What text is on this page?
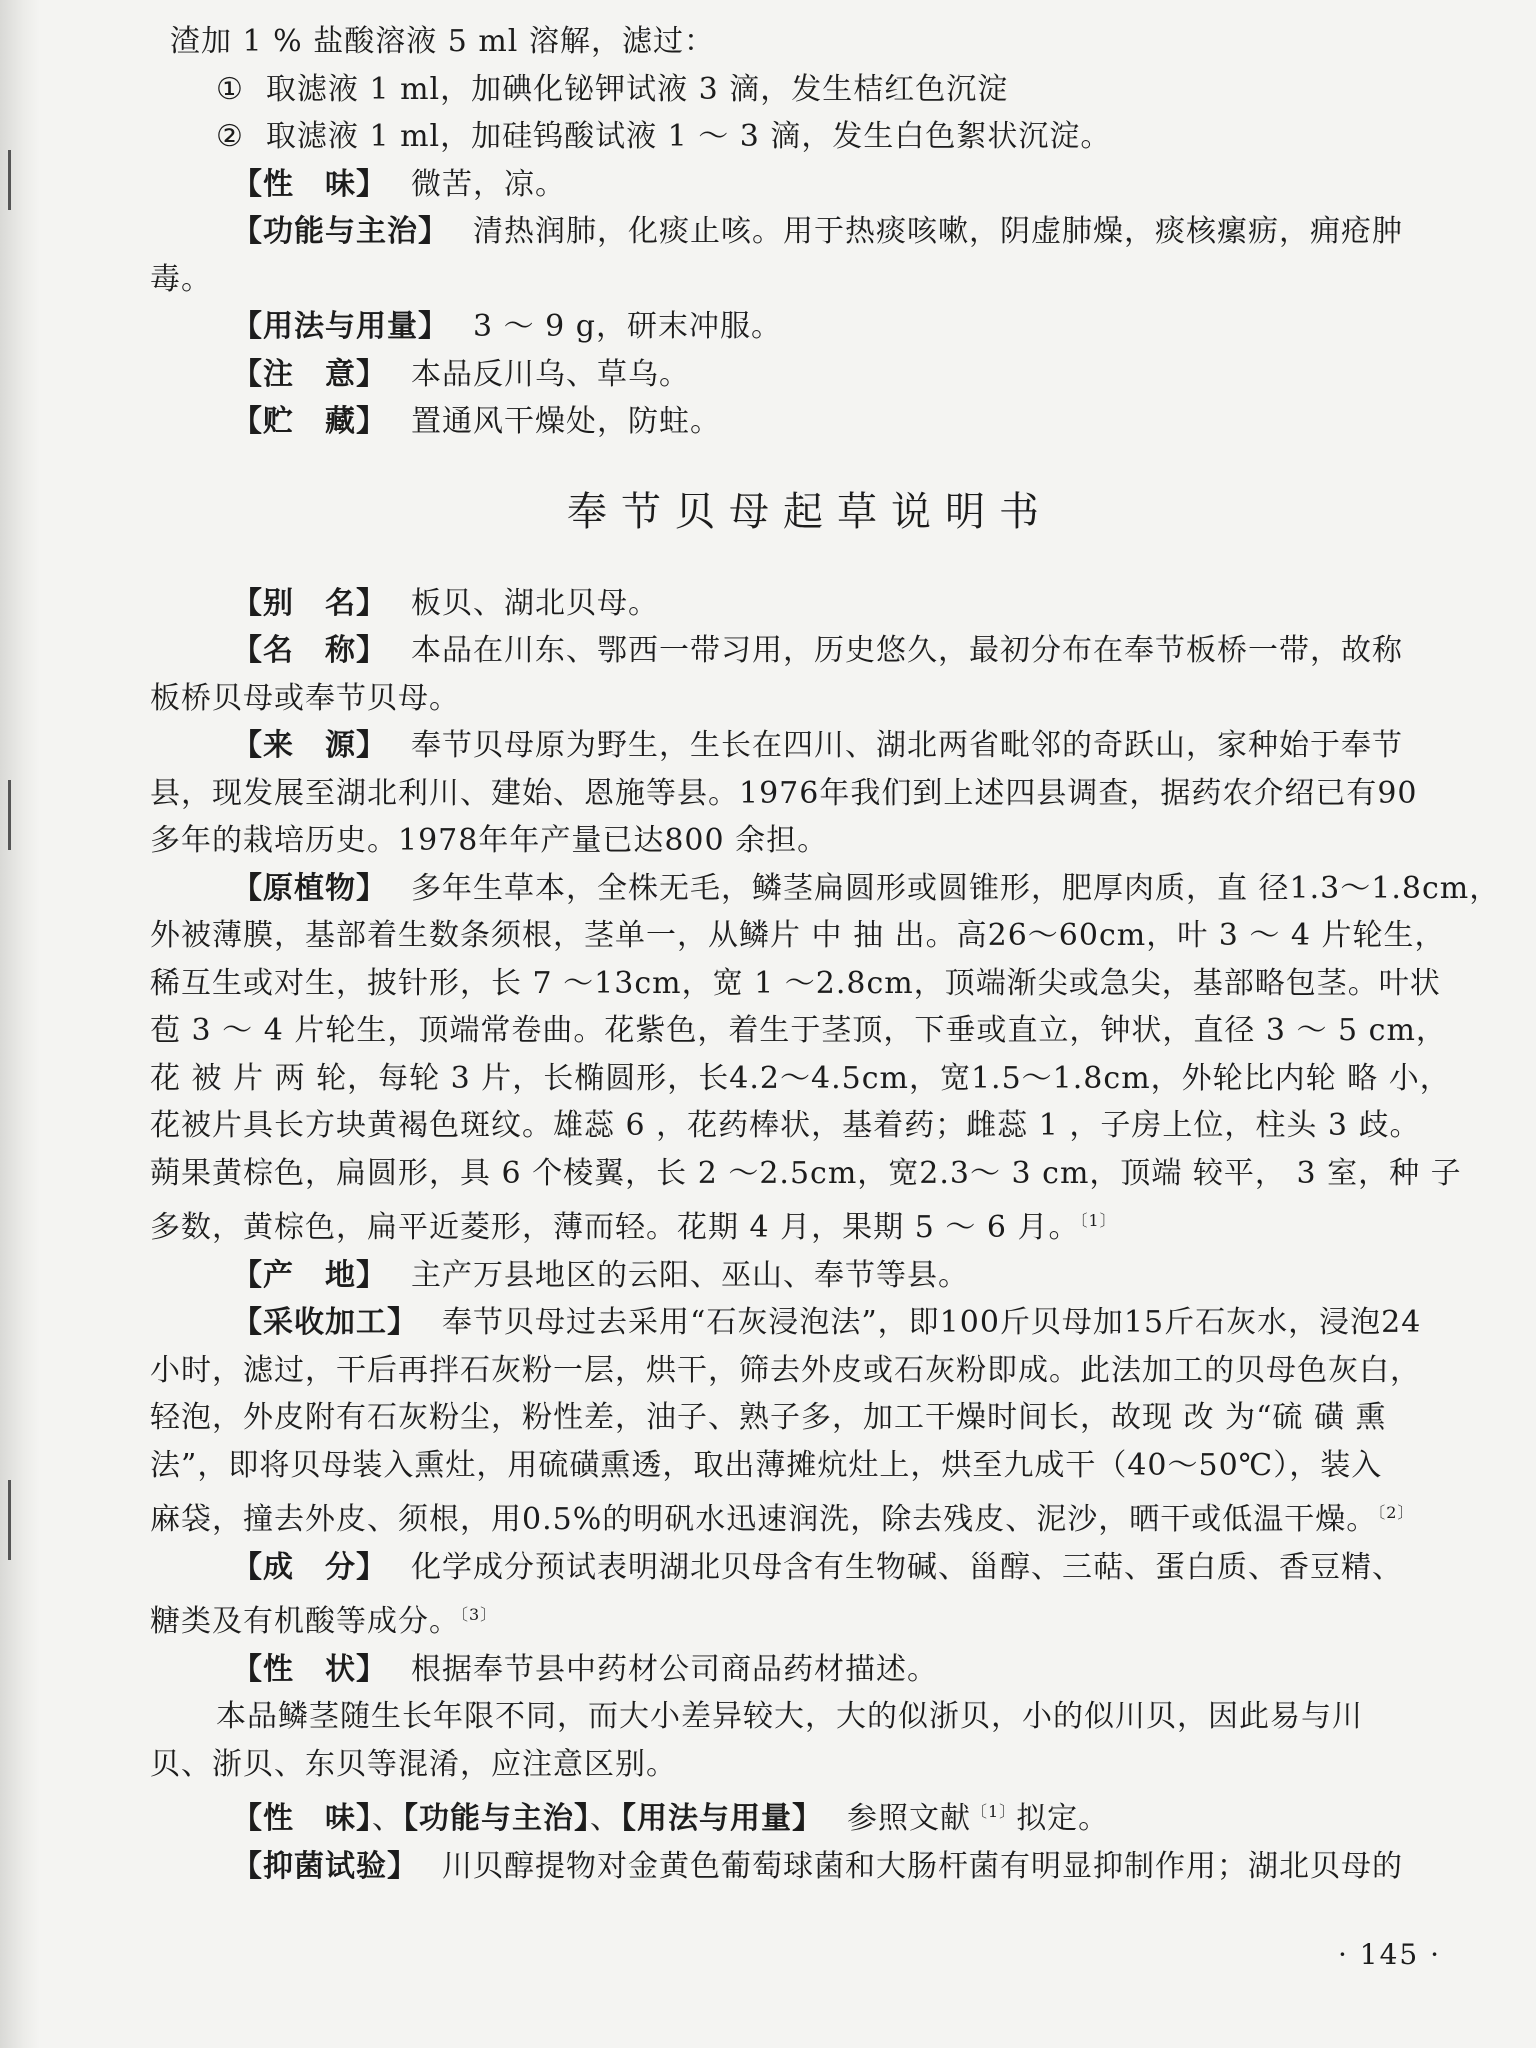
渣加 1 % 盐酸溶液 5 ml 溶解，滤过：
① 取滤液 1 ml，加碘化铋钾试液 3 滴，发生桔红色沉淀
② 取滤液 1 ml，加硅钨酸试液 1 ～ 3 滴，发生白色絮状沉淀。
【性　味】 微苦，凉。
【功能与主治】 清热润肺，化痰止咳。用于热痰咳嗽，阴虚肺燥，痰核瘰疬，痈疮肿
毒。
【用法与用量】 3 ～ 9 g，研末冲服。
【注　意】 本品反川乌、草乌。
【贮　藏】 置通风干燥处，防蛀。
奉节贝母起草说明书
【别　名】 板贝、湖北贝母。
【名　称】 本品在川东、鄂西一带习用，历史悠久，最初分布在奉节板桥一带，故称
板桥贝母或奉节贝母。
【来　源】 奉节贝母原为野生，生长在四川、湖北两省毗邻的奇跃山，家种始于奉节
县，现发展至湖北利川、建始、恩施等县。1976年我们到上述四县调查，据药农介绍已有90
多年的栽培历史。1978年年产量已达800 余担。
【原植物】 多年生草本，全株无毛，鳞茎扁圆形或圆锥形，肥厚肉质，直 径1.3～1.8cm，
外被薄膜，基部着生数条须根，茎单一，从鳞片 中 抽 出。高26～60cm，叶 3 ～ 4 片轮生，
稀互生或对生，披针形，长 7 ～13cm，宽 1 ～2.8cm，顶端渐尖或急尖，基部略包茎。叶状
苞 3 ～ 4 片轮生，顶端常卷曲。花紫色，着生于茎顶，下垂或直立，钟状，直径 3 ～ 5 cm，
花 被 片 两 轮，每轮 3 片，长椭圆形，长4.2～4.5cm，宽1.5～1.8cm，外轮比内轮 略 小，
花被片具长方块黄褐色斑纹。雄蕊 6 ，花药棒状，基着药；雌蕊 1 ，子房上位，柱头 3 歧。
蒴果黄棕色，扁圆形，具 6 个棱翼，长 2 ～2.5cm，宽2.3～ 3 cm，顶端 较平， 3 室，种 子
多数，黄棕色，扁平近菱形，薄而轻。花期 4 月，果期 5 ～ 6 月。$^{〔1〕}$
【产　地】 主产万县地区的云阳、巫山、奉节等县。
【采收加工】 奉节贝母过去采用“石灰浸泡法”，即100斤贝母加15斤石灰水，浸泡24
小时，滤过，干后再拌石灰粉一层，烘干，筛去外皮或石灰粉即成。此法加工的贝母色灰白，
轻泡，外皮附有石灰粉尘，粉性差，油子、熟子多，加工干燥时间长，故现 改 为“硫 磺 熏
法”，即将贝母装入熏灶，用硫磺熏透，取出薄摊炕灶上，烘至九成干（40～50℃），装入
麻袋，撞去外皮、须根，用0.5%的明矾水迅速润洗，除去残皮、泥沙，晒干或低温干燥。$^{〔2〕}$
【成　分】 化学成分预试表明湖北贝母含有生物碱、甾醇、三萜、蛋白质、香豆精、
糖类及有机酸等成分。$^{〔3〕}$
【性　状】 根据奉节县中药材公司商品药材描述。
本品鳞茎随生长年限不同，而大小差异较大，大的似浙贝，小的似川贝，因此易与川
贝、浙贝、东贝等混淆，应注意区别。
【性　味】、【功能与主治】、【用法与用量】 参照文献$^{〔1〕}$拟定。
【抑菌试验】 川贝醇提物对金黄色葡萄球菌和大肠杆菌有明显抑制作用；湖北贝母的
· 145 ·
